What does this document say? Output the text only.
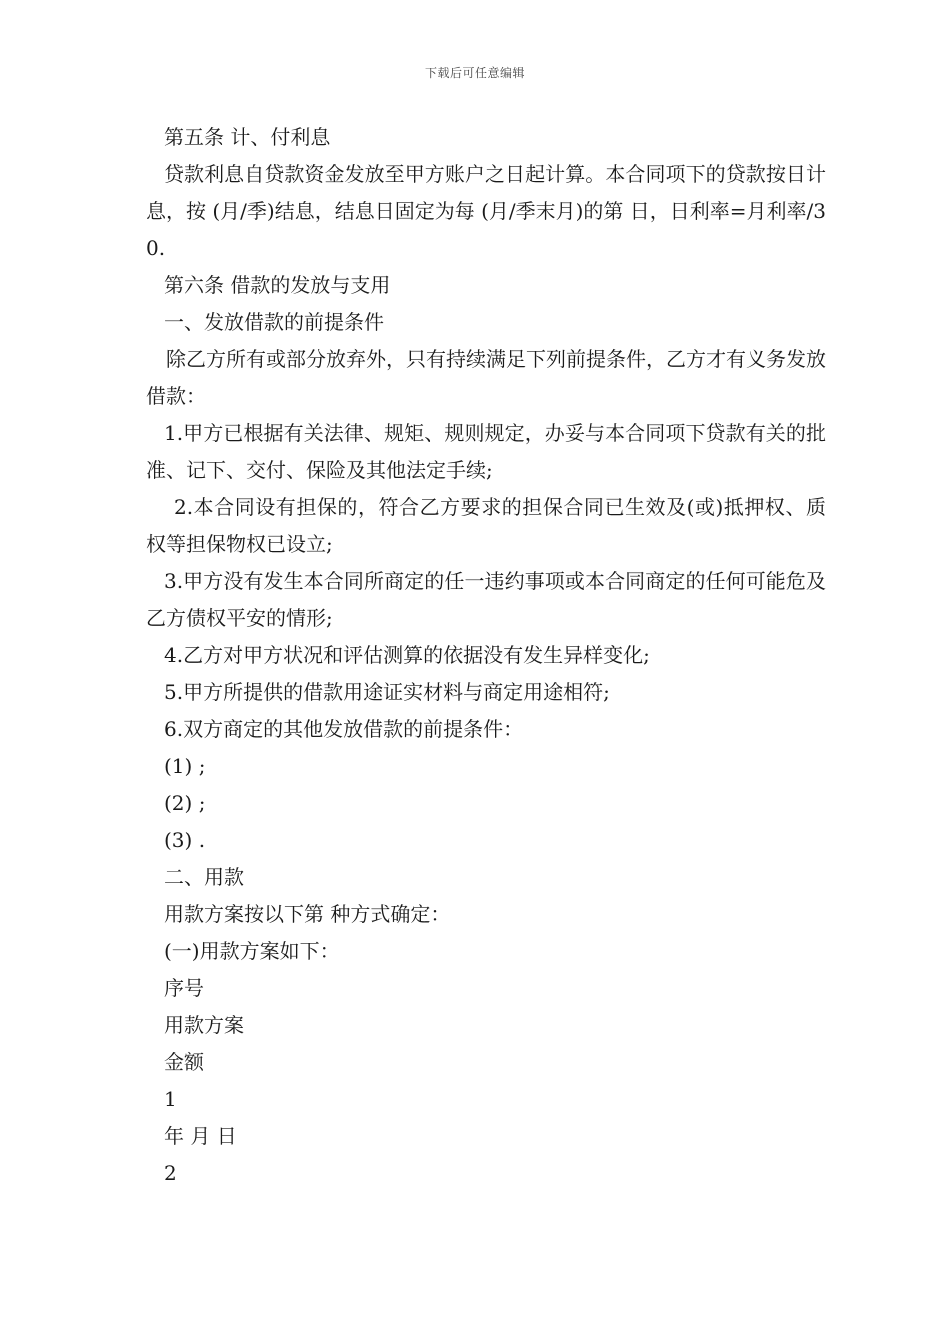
下载后可任意编辑

第五条 计、付利息

贷款利息自贷款资金发放至甲方账户之日起计算。本合同项下的贷款按日计息，按 (月/季)结息，结息日固定为每 (月/季末月)的第 日，日利率=月利率/30.

第六条 借款的发放与支用

一、发放借款的前提条件

除乙方所有或部分放弃外，只有持续满足下列前提条件，乙方才有义务发放借款：

1.甲方已根据有关法律、规矩、规则规定，办妥与本合同项下贷款有关的批准、记下、交付、保险及其他法定手续;

2.本合同设有担保的，符合乙方要求的担保合同已生效及(或)抵押权、质权等担保物权已设立;

3.甲方没有发生本合同所商定的任一违约事项或本合同商定的任何可能危及乙方债权平安的情形;

4.乙方对甲方状况和评估测算的依据没有发生异样变化;

5.甲方所提供的借款用途证实材料与商定用途相符;

6.双方商定的其他发放借款的前提条件：

(1) ;

(2) ;

(3) .

二、用款

用款方案按以下第 种方式确定：

(一)用款方案如下：

序号

用款方案

金额

1

年 月 日

2
